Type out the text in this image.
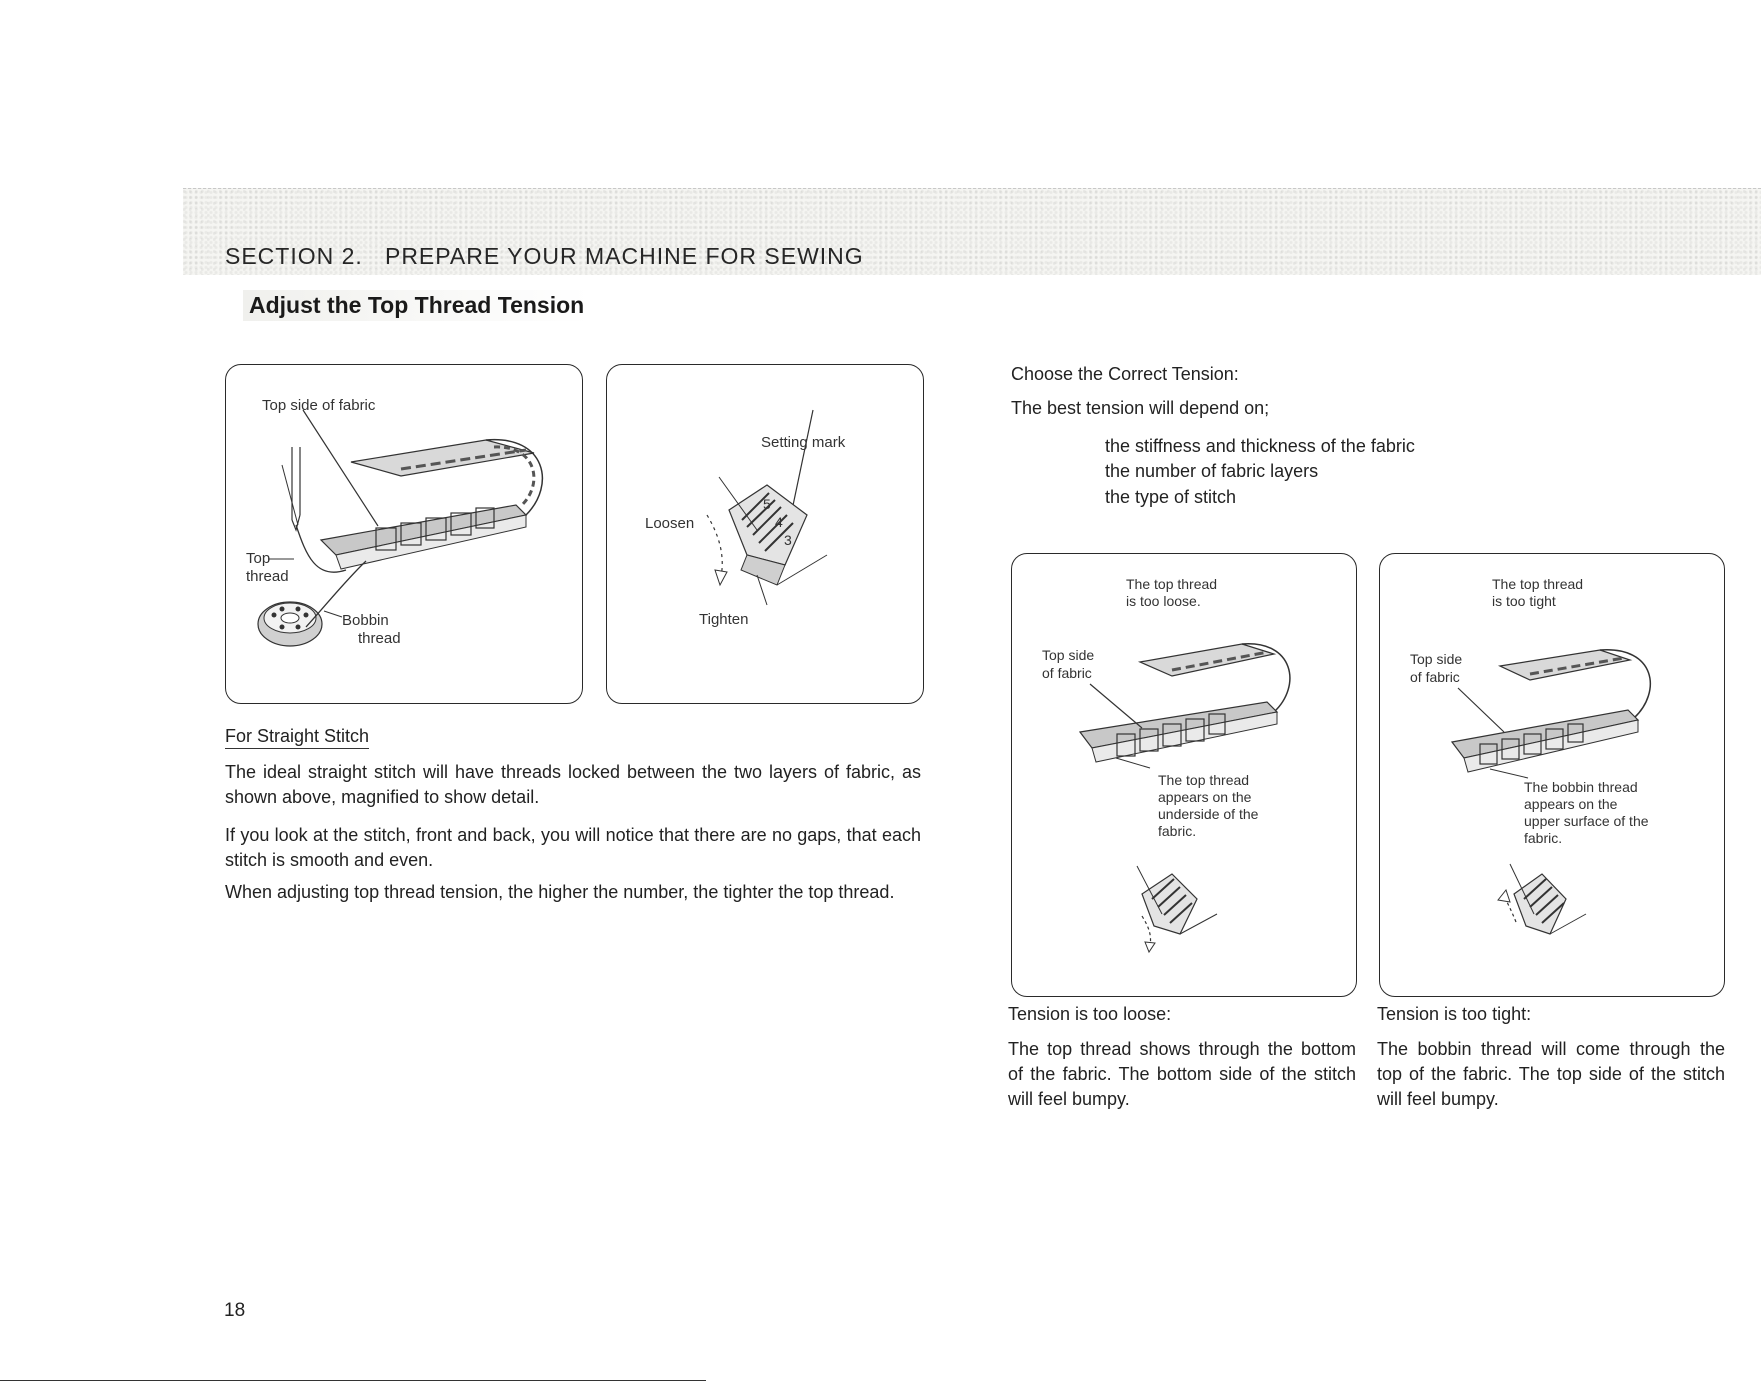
SECTION 2.   PREPARE YOUR MACHINE FOR SEWING
Adjust the Top Thread Tension
Top side of fabric
Top
thread
Bobbin
thread
Setting mark
Loosen
Tighten
5
4
3
For Straight Stitch
The ideal straight stitch will have threads locked between the two layers of fabric, as shown above, magnified to show detail.
If you look at the stitch, front and back, you will notice that there are no gaps, that each stitch is smooth and even.
When adjusting top thread tension, the higher the number, the tighter the top thread.
Choose the Correct Tension:
The best tension will depend on;
the stiffness and thickness of the fabric
the number of fabric layers
the type of stitch
The top thread
is too loose.
Top side
of fabric
The top thread
appears on the
underside of the
fabric.
The top thread
is too tight
Top side
of fabric
The bobbin thread
appears on the
upper surface of the
fabric.
Tension is too loose:
The top thread shows through the bottom of the fabric. The bottom side of the stitch will feel bumpy.
Tension is too tight:
The bobbin thread will come through the top of the fabric. The top side of the stitch will feel bumpy.
18
